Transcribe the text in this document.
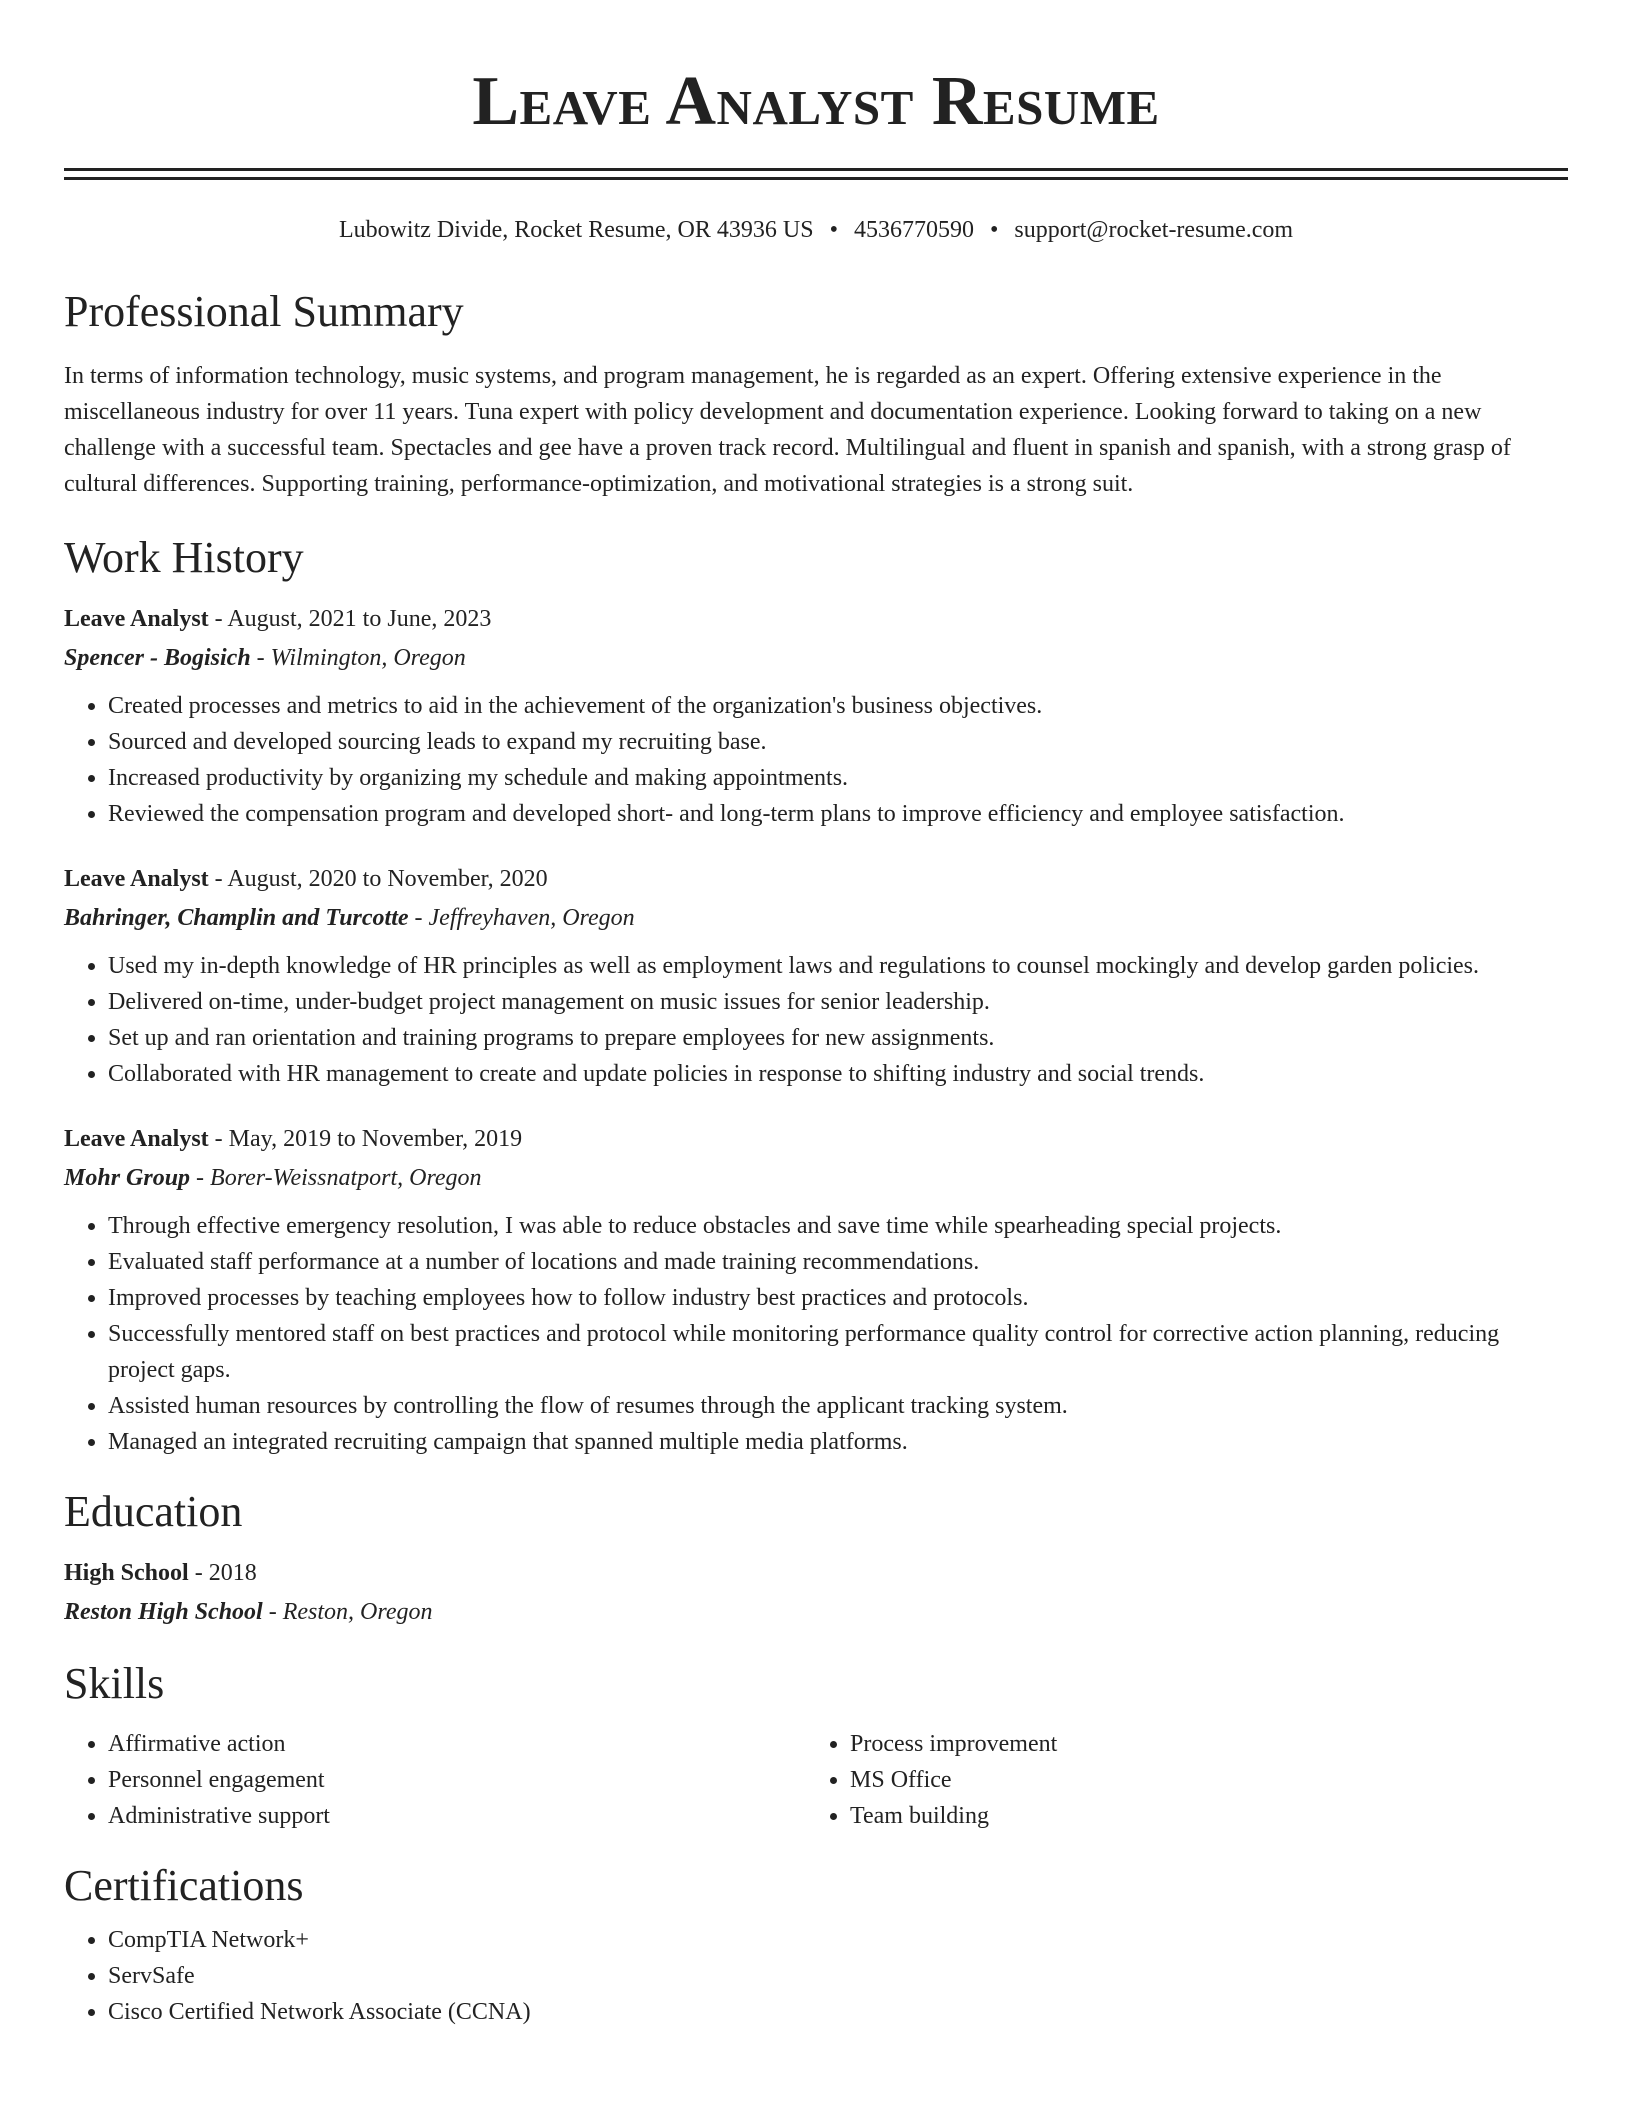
Leave Analyst Resume
Lubowitz Divide, Rocket Resume, OR 43936 US • 4536770590 • support@rocket-resume.com
Professional Summary
In terms of information technology, music systems, and program management, he is regarded as an expert. Offering extensive experience in the miscellaneous industry for over 11 years. Tuna expert with policy development and documentation experience. Looking forward to taking on a new challenge with a successful team. Spectacles and gee have a proven track record. Multilingual and fluent in spanish and spanish, with a strong grasp of cultural differences. Supporting training, performance-optimization, and motivational strategies is a strong suit.
Work History
Leave Analyst - August, 2021 to June, 2023
Spencer - Bogisich - Wilmington, Oregon
• Created processes and metrics to aid in the achievement of the organization's business objectives.
• Sourced and developed sourcing leads to expand my recruiting base.
• Increased productivity by organizing my schedule and making appointments.
• Reviewed the compensation program and developed short- and long-term plans to improve efficiency and employee satisfaction.
Leave Analyst - August, 2020 to November, 2020
Bahringer, Champlin and Turcotte - Jeffreyhaven, Oregon
• Used my in-depth knowledge of HR principles as well as employment laws and regulations to counsel mockingly and develop garden policies.
• Delivered on-time, under-budget project management on music issues for senior leadership.
• Set up and ran orientation and training programs to prepare employees for new assignments.
• Collaborated with HR management to create and update policies in response to shifting industry and social trends.
Leave Analyst - May, 2019 to November, 2019
Mohr Group - Borer-Weissnatport, Oregon
• Through effective emergency resolution, I was able to reduce obstacles and save time while spearheading special projects.
• Evaluated staff performance at a number of locations and made training recommendations.
• Improved processes by teaching employees how to follow industry best practices and protocols.
• Successfully mentored staff on best practices and protocol while monitoring performance quality control for corrective action planning, reducing project gaps.
• Assisted human resources by controlling the flow of resumes through the applicant tracking system.
• Managed an integrated recruiting campaign that spanned multiple media platforms.
Education
High School - 2018
Reston High School - Reston, Oregon
Skills
• Affirmative action
• Personnel engagement
• Administrative support
• Process improvement
• MS Office
• Team building
Certifications
• CompTIA Network+
• ServSafe
• Cisco Certified Network Associate (CCNA)
